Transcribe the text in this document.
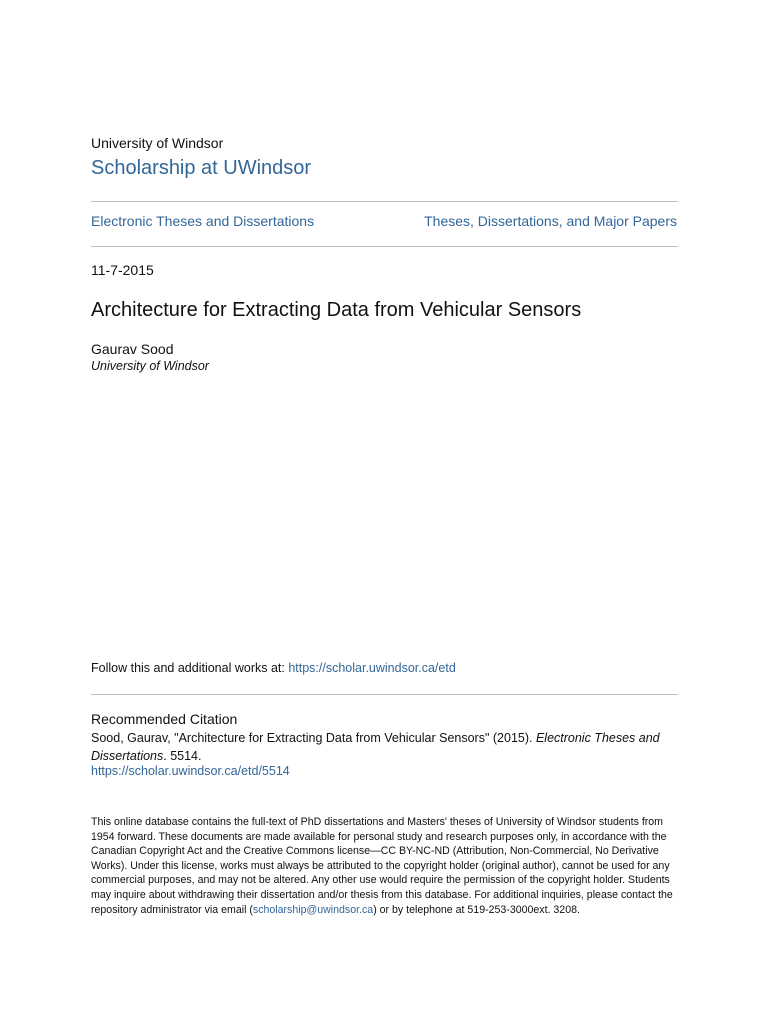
University of Windsor
Scholarship at UWindsor
Electronic Theses and Dissertations	Theses, Dissertations, and Major Papers
11-7-2015
Architecture for Extracting Data from Vehicular Sensors
Gaurav Sood
University of Windsor
Follow this and additional works at: https://scholar.uwindsor.ca/etd
Recommended Citation
Sood, Gaurav, "Architecture for Extracting Data from Vehicular Sensors" (2015). Electronic Theses and Dissertations. 5514.
https://scholar.uwindsor.ca/etd/5514
This online database contains the full-text of PhD dissertations and Masters' theses of University of Windsor students from 1954 forward. These documents are made available for personal study and research purposes only, in accordance with the Canadian Copyright Act and the Creative Commons license—CC BY-NC-ND (Attribution, Non-Commercial, No Derivative Works). Under this license, works must always be attributed to the copyright holder (original author), cannot be used for any commercial purposes, and may not be altered. Any other use would require the permission of the copyright holder. Students may inquire about withdrawing their dissertation and/or thesis from this database. For additional inquiries, please contact the repository administrator via email (scholarship@uwindsor.ca) or by telephone at 519-253-3000ext. 3208.
